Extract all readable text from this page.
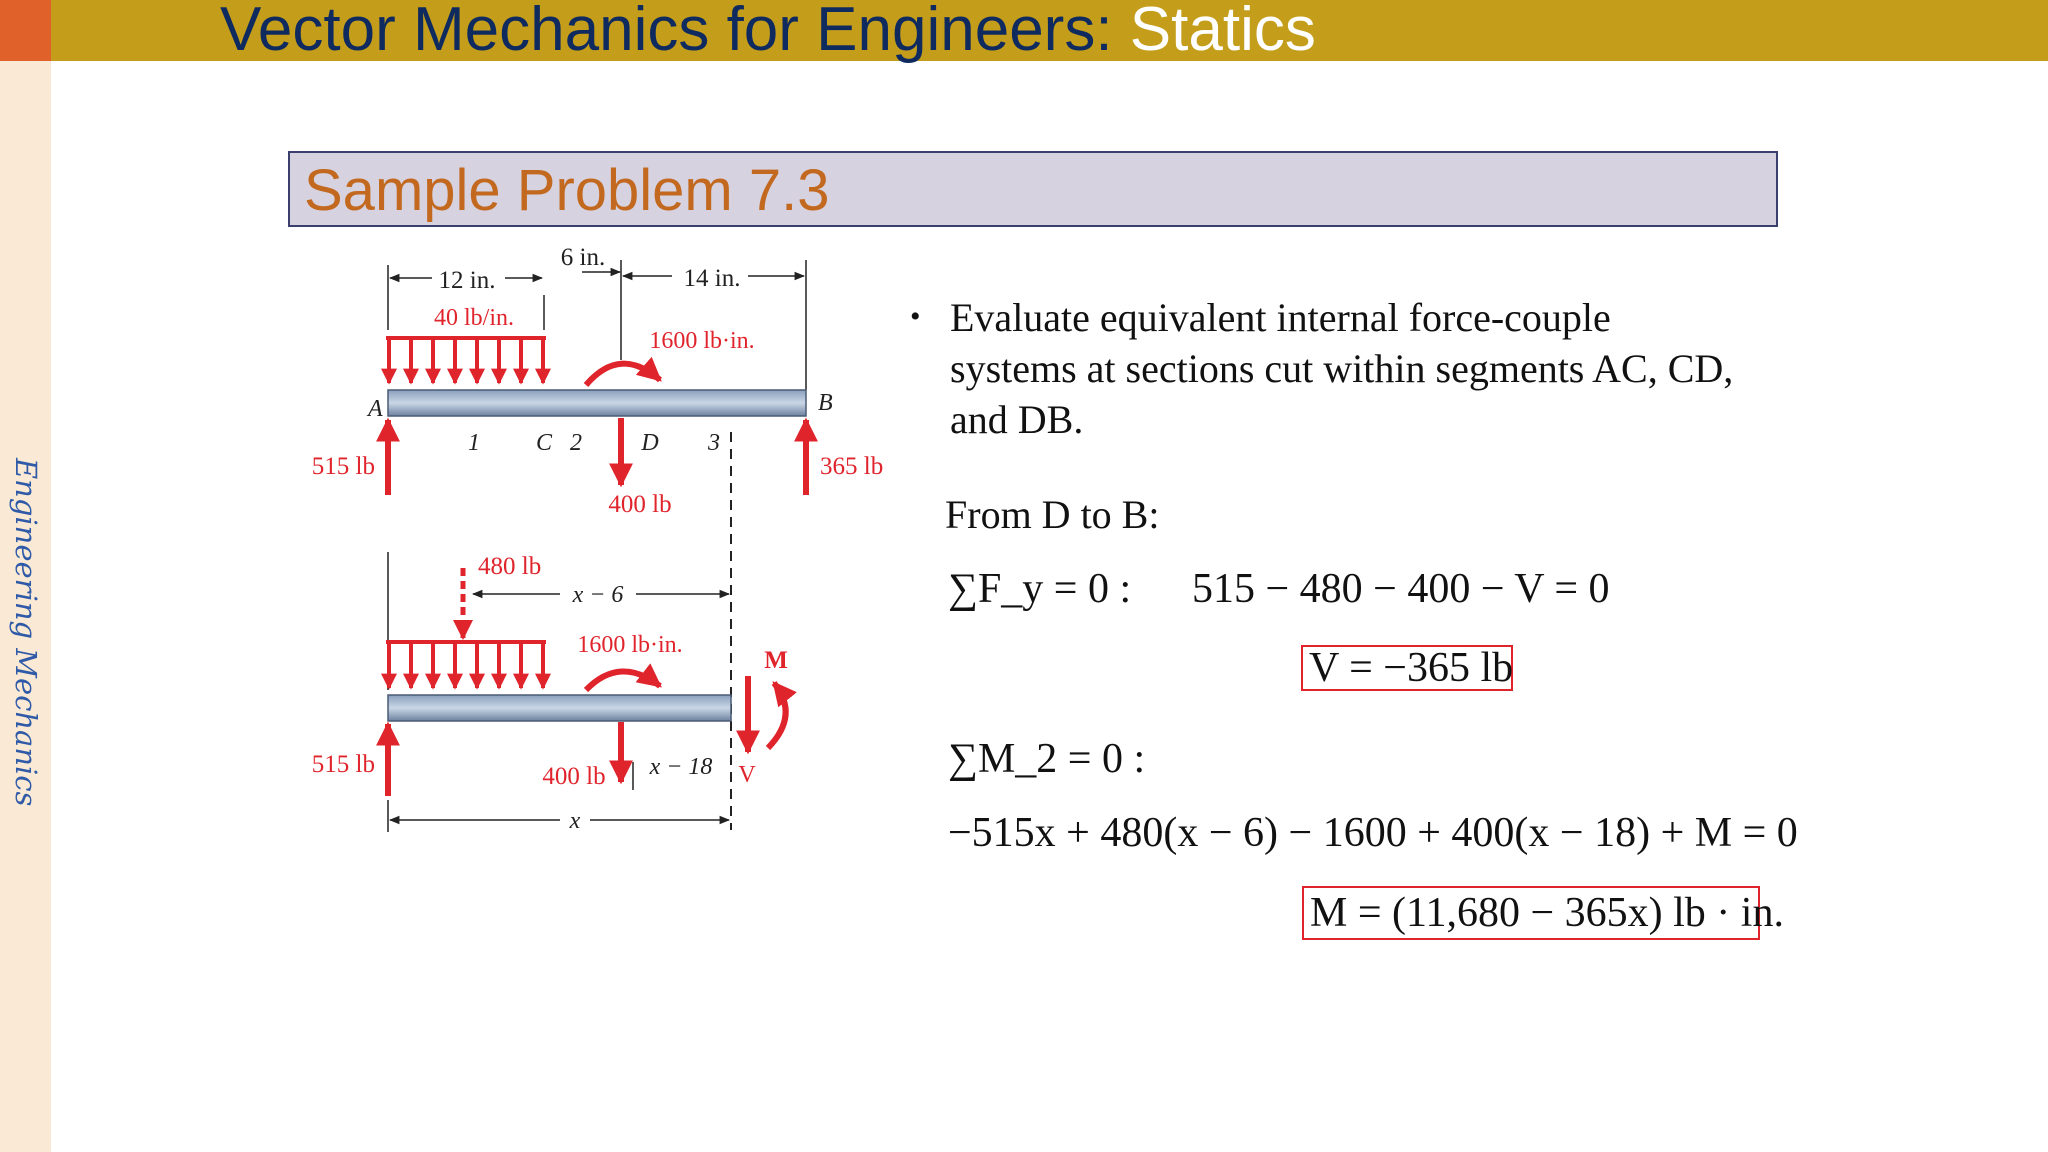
Vector Mechanics for Engineers: Statics
Engineering Mechanics
Sample Problem 7.3
12 in.
6 in.
14 in.
40 lb/in.
1600 lb·in.
A	B
1 C 2 D 3
515 lb	365 lb
400 lb
480 lb
x − 6
1600 lb·in.
M
V
515 lb	400 lb x − 18
x
• Evaluate equivalent internal force-couple systems at sections cut within segments AC, CD, and DB.
From D to B:
∑F_y = 0 : 515 − 480 − 400 − V = 0
V = −365 lb
∑M_2 = 0 :
−515x + 480(x − 6) − 1600 + 400(x − 18) + M = 0
M = (11,680 − 365x) lb · in.
